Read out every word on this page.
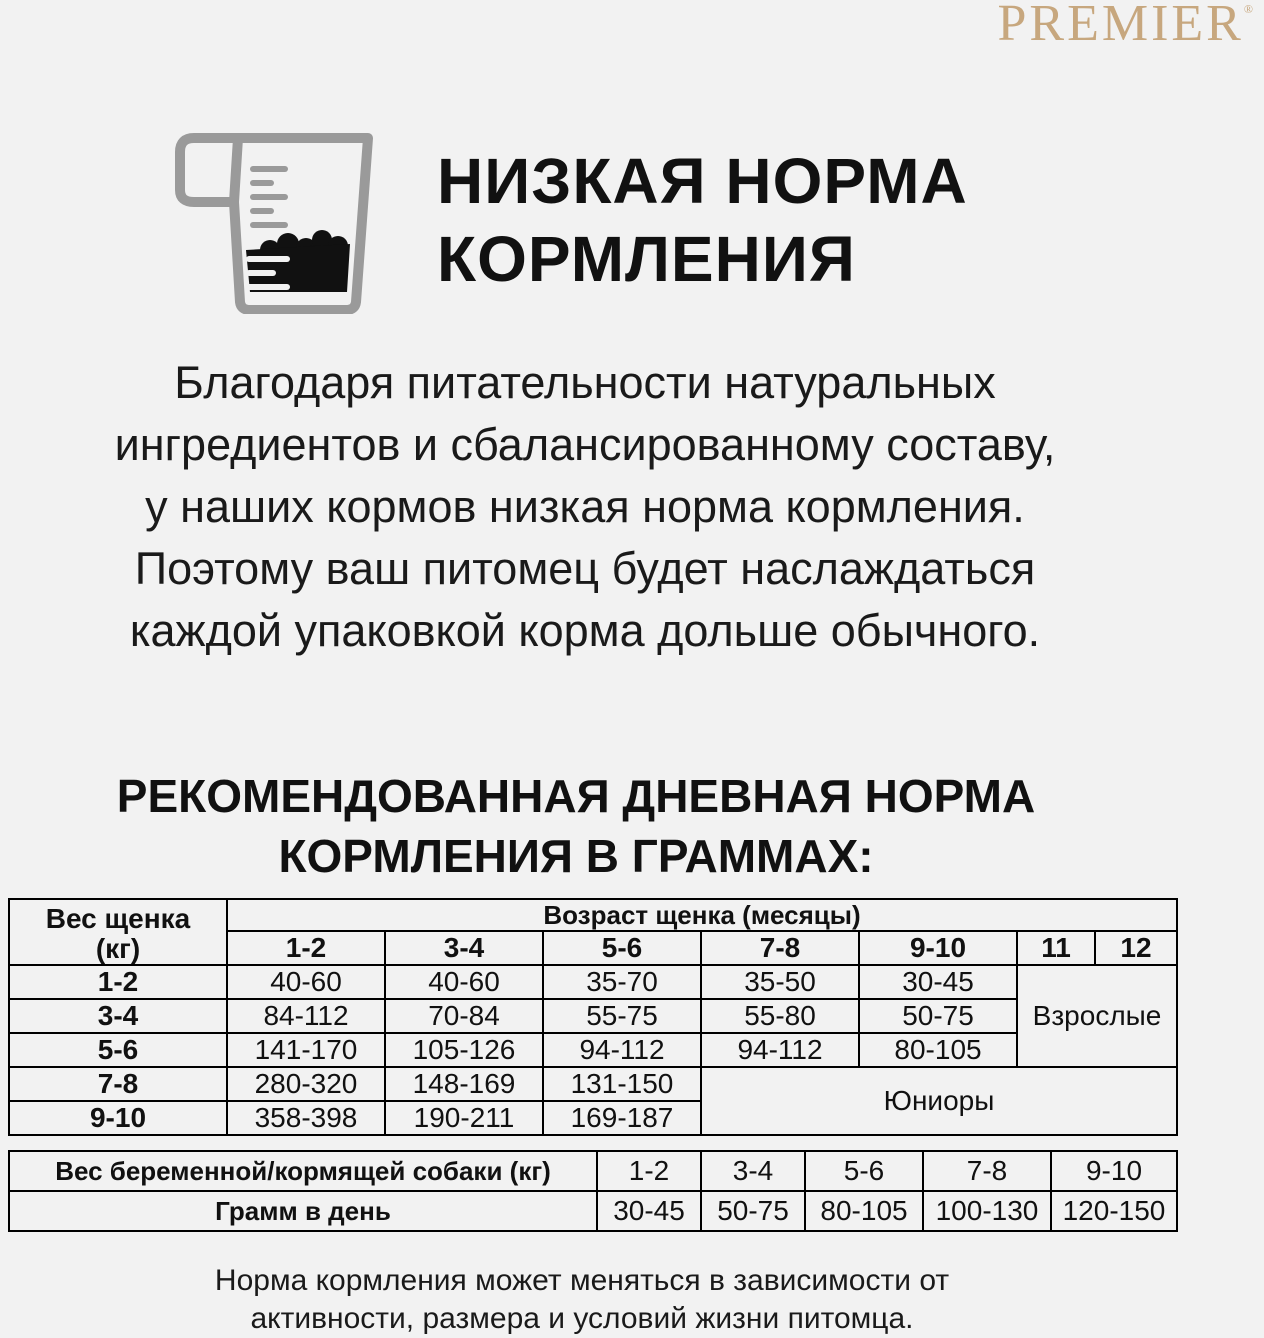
PREMIER®
НИЗКАЯ НОРМА
КОРМЛЕНИЯ

Благодаря питательности натуральных
ингредиентов и сбалансированному составу,
у наших кормов низкая норма кормления.
Поэтому ваш питомец будет наслаждаться
каждой упаковкой корма дольше обычного.

РЕКОМЕНДОВАННАЯ ДНЕВНАЯ НОРМА
КОРМЛЕНИЯ В ГРАММАХ:
Вес щенка
(кг)	Возраст щенка (месяцы)						
	1-2	3-4	5-6	7-8	9-10	11	12
1-2	40-60	40-60	35-70	35-50	30-45	Взрослые	
3-4	84-112	70-84	55-75	55-80	50-75		
5-6	141-170	105-126	94-112	94-112	80-105		
7-8	280-320	148-169	131-150	Юниоры			
9-10	358-398	190-211	169-187				
Вес беременной/кормящей собаки (кг)	1-2	3-4	5-6	7-8	9-10
Грамм в день	30-45	50-75	80-105	100-130	120-150

Норма кормления может меняться в зависимости от
активности, размера и условий жизни питомца.
